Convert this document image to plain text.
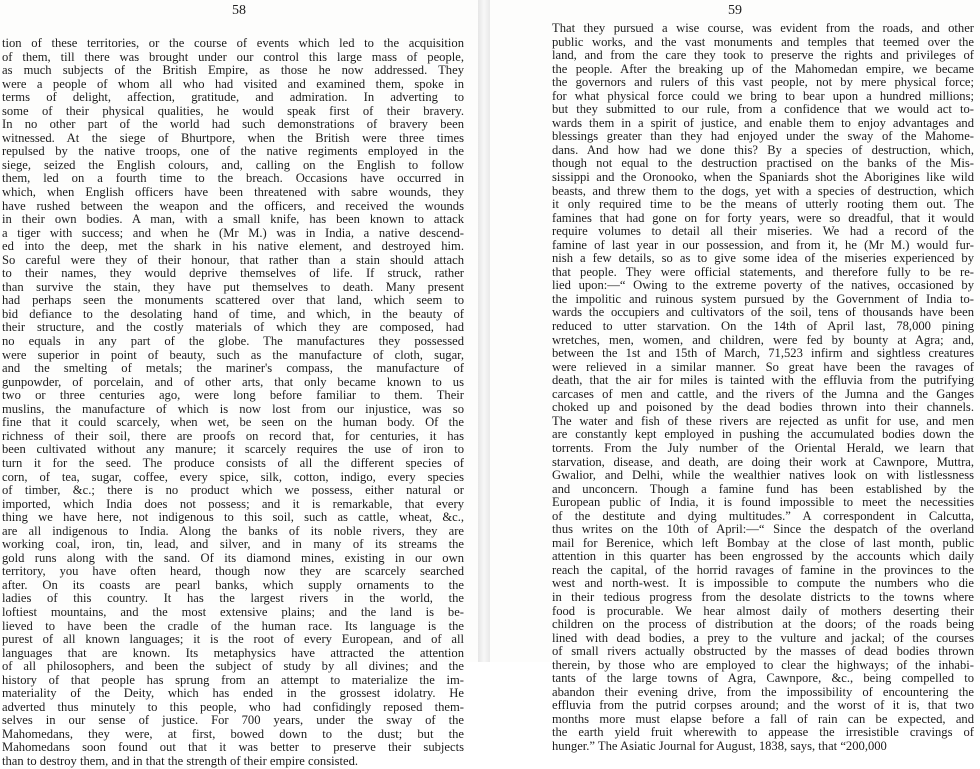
58
tion of these territories, or the course of events which led to the acquisition
of them, till there was brought under our control this large mass of people,
as much subjects of the British Empire, as those he now addressed. They
were a people of whom all who had visited and examined them, spoke in
terms of delight, affection, gratitude, and admiration. In adverting to
some of their physical qualities, he would speak first of their bravery.
In no other part of the world had such demonstrations of bravery been
witnessed. At the siege of Bhurtpore, when the British were three times
repulsed by the native troops, one of the native regiments employed in the
siege, seized the English colours, and, calling on the English to follow
them, led on a fourth time to the breach. Occasions have occurred in
which, when English officers have been threatened with sabre wounds, they
have rushed between the weapon and the officers, and received the wounds
in their own bodies. A man, with a small knife, has been known to attack
a tiger with success; and when he (Mr M.) was in India, a native descend-
ed into the deep, met the shark in his native element, and destroyed him.
So careful were they of their honour, that rather than a stain should attach
to their names, they would deprive themselves of life. If struck, rather
than survive the stain, they have put themselves to death. Many present
had perhaps seen the monuments scattered over that land, which seem to
bid defiance to the desolating hand of time, and which, in the beauty of
their structure, and the costly materials of which they are composed, had
no equals in any part of the globe. The manufactures they possessed
were superior in point of beauty, such as the manufacture of cloth, sugar,
and the smelting of metals; the mariner's compass, the manufacture of
gunpowder, of porcelain, and of other arts, that only became known to us
two or three centuries ago, were long before familiar to them. Their
muslins, the manufacture of which is now lost from our injustice, was so
fine that it could scarcely, when wet, be seen on the human body. Of the
richness of their soil, there are proofs on record that, for centuries, it has
been cultivated without any manure; it scarcely requires the use of iron to
turn it for the seed. The produce consists of all the different species of
corn, of tea, sugar, coffee, every spice, silk, cotton, indigo, every species
of timber, &c.; there is no product which we possess, either natural or
imported, which India does not possess; and it is remarkable, that every
thing we have here, not indigenous to this soil, such as cattle, wheat, &c.,
are all indigenous to India. Along the banks of its noble rivers, they are
working coal, iron, tin, lead, and silver, and in many of its streams the
gold runs along with the sand. Of its diamond mines, existing in our own
territory, you have often heard, though now they are scarcely searched
after. On its coasts are pearl banks, which supply ornaments to the
ladies of this country. It has the largest rivers in the world, the
loftiest mountains, and the most extensive plains; and the land is be-
lieved to have been the cradle of the human race. Its language is the
purest of all known languages; it is the root of every European, and of all
languages that are known. Its metaphysics have attracted the attention
of all philosophers, and been the subject of study by all divines; and the
history of that people has sprung from an attempt to materialize the im-
materiality of the Deity, which has ended in the grossest idolatry. He
adverted thus minutely to this people, who had confidingly reposed them-
selves in our sense of justice. For 700 years, under the sway of the
Mahomedans, they were, at first, bowed down to the dust; but the
Mahomedans soon found out that it was better to preserve their subjects
than to destroy them, and in that the strength of their empire consisted.
59
That they pursued a wise course, was evident from the roads, and other
public works, and the vast monuments and temples that teemed over the
land, and from the care they took to preserve the rights and privileges of
the people. After the breaking up of the Mahomedan empire, we became
the governors and rulers of this vast people, not by mere physical force;
for what physical force could we bring to bear upon a hundred millions;
but they submitted to our rule, from a confidence that we would act to-
wards them in a spirit of justice, and enable them to enjoy advantages and
blessings greater than they had enjoyed under the sway of the Mahome-
dans. And how had we done this? By a species of destruction, which,
though not equal to the destruction practised on the banks of the Mis-
sissippi and the Oronooko, when the Spaniards shot the Aborigines like wild
beasts, and threw them to the dogs, yet with a species of destruction, which
it only required time to be the means of utterly rooting them out. The
famines that had gone on for forty years, were so dreadful, that it would
require volumes to detail all their miseries. We had a record of the
famine of last year in our possession, and from it, he (Mr M.) would fur-
nish a few details, so as to give some idea of the miseries experienced by
that people. They were official statements, and therefore fully to be re-
lied upon:—“ Owing to the extreme poverty of the natives, occasioned by
the impolitic and ruinous system pursued by the Government of India to-
wards the occupiers and cultivators of the soil, tens of thousands have been
reduced to utter starvation. On the 14th of April last, 78,000 pining
wretches, men, women, and children, were fed by bounty at Agra; and,
between the 1st and 15th of March, 71,523 infirm and sightless creatures
were relieved in a similar manner. So great have been the ravages of
death, that the air for miles is tainted with the effluvia from the putrifying
carcases of men and cattle, and the rivers of the Jumna and the Ganges
choked up and poisoned by the dead bodies thrown into their channels.
The water and fish of these rivers are rejected as unfit for use, and men
are constantly kept employed in pushing the accumulated bodies down the
torrents. From the July number of the Oriental Herald, we learn that
starvation, disease, and death, are doing their work at Cawnpore, Muttra,
Gwalior, and Delhi, while the wealthier natives look on with listlessness
and unconcern. Though a famine fund has been established by the
European public of India, it is found impossible to meet the necessities
of the destitute and dying multitudes.” A correspondent in Calcutta,
thus writes on the 10th of April:—“ Since the despatch of the overland
mail for Berenice, which left Bombay at the close of last month, public
attention in this quarter has been engrossed by the accounts which daily
reach the capital, of the horrid ravages of famine in the provinces to the
west and north-west. It is impossible to compute the numbers who die
in their tedious progress from the desolate districts to the towns where
food is procurable. We hear almost daily of mothers deserting their
children on the process of distribution at the doors; of the roads being
lined with dead bodies, a prey to the vulture and jackal; of the courses
of small rivers actually obstructed by the masses of dead bodies thrown
therein, by those who are employed to clear the highways; of the inhabi-
tants of the large towns of Agra, Cawnpore, &c., being compelled to
abandon their evening drive, from the impossibility of encountering the
effluvia from the putrid corpses around; and the worst of it is, that two
months more must elapse before a fall of rain can be expected, and
the earth yield fruit wherewith to appease the irresistible cravings of
hunger.” The Asiatic Journal for August, 1838, says, that “200,000
